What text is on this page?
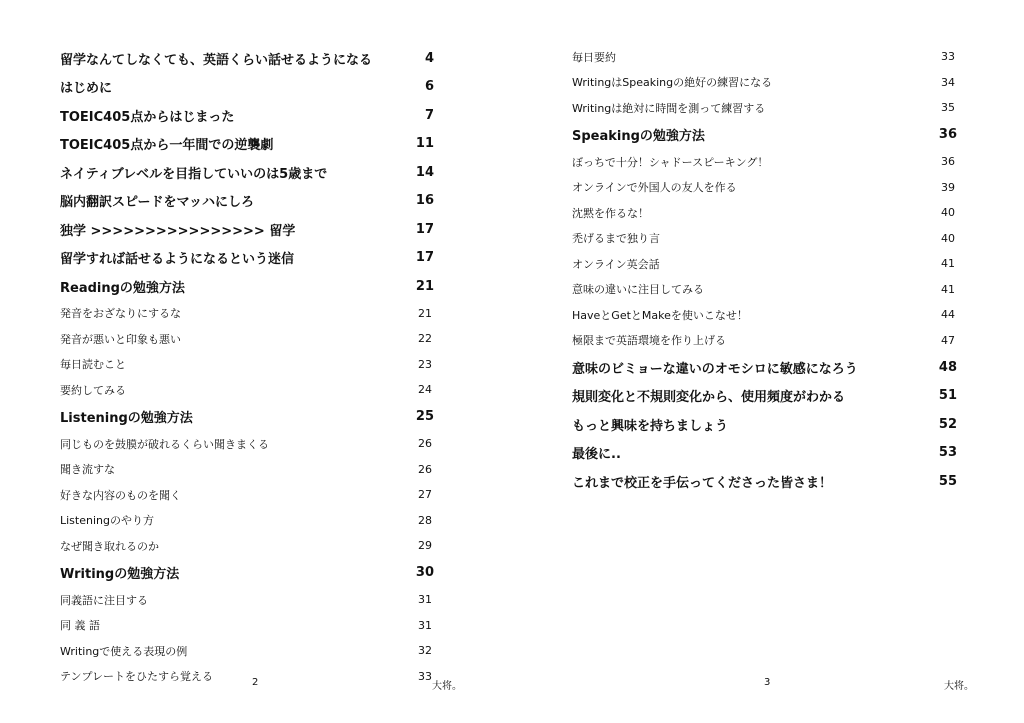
留学なんてしなくても、英語くらい話せるようになる	4
はじめに	6
TOEIC405点からはじまった	7
TOEIC405点から一年間での逆襲劇	11
ネイティブレベルを目指していいのは5歳まで	14
脳内翻訳スピードをマッハにしろ	16
独学 >>>>>>>>>>>>>>>> 留学	17
留学すれば話せるようになるという迷信	17
Readingの勉強方法	21
発音をおざなりにするな	21
発音が悪いと印象も悪い	22
毎日読むこと	23
要約してみる	24
Listeningの勉強方法	25
同じものを鼓膜が破れるくらい聞きまくる	26
聞き流すな	26
好きな内容のものを聞く	27
Listeningのやり方	28
なぜ聞き取れるのか	29
Writingの勉強方法	30
同義語に注目する	31
同 義 語	31
Writingで使える表現の例	32
テンプレートをひたすら覚える	33
2	大将。
毎日要約	33
WritingはSpeakingの絶好の練習になる	34
Writingは絶対に時間を測って練習する	35
Speakingの勉強方法	36
ぼっちで十分！シャドースピーキング！	36
オンラインで外国人の友人を作る	39
沈黙を作るな！	40
禿げるまで独り言	40
オンライン英会話	41
意味の違いに注目してみる	41
HaveとGetとMakeを使いこなせ！	44
極限まで英語環境を作り上げる	47
意味のビミョーな違いのオモシロに敏感になろう	48
規則変化と不規則変化から、使用頻度がわかる	51
もっと興味を持ちましょう	52
最後に..	53
これまで校正を手伝ってくださった皆さま！	55
3	大将。
